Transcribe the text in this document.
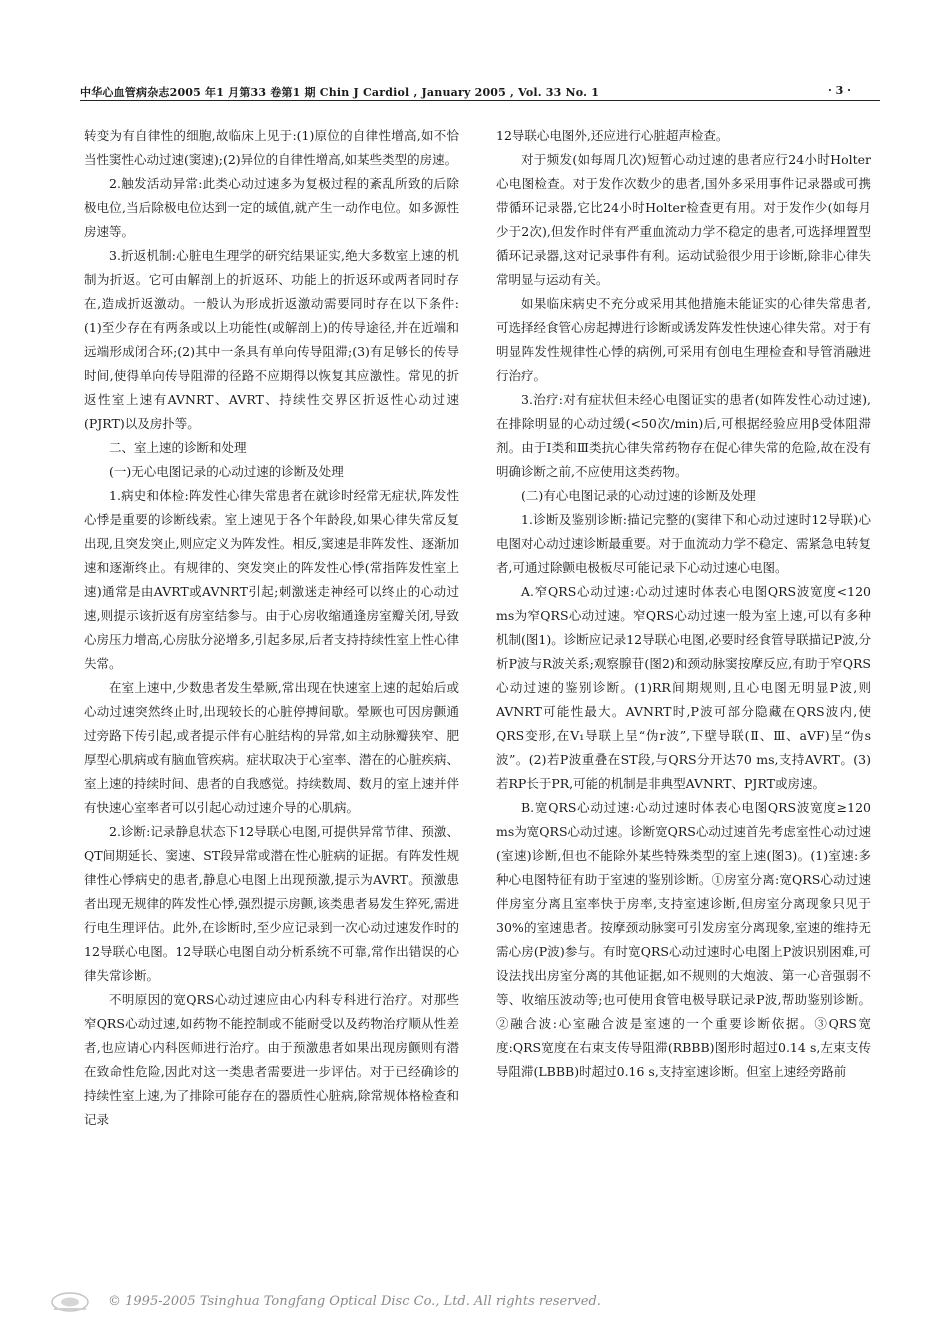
中华心血管病杂志2005 年1 月第33 卷第1 期 Chin J Cardiol , January 2005 , Vol. 33 No. 1	· 3 ·

转变为有自律性的细胞,故临床上见于:(1)原位的自律性增高,如不恰当性窦性心动过速(窦速);(2)异位的自律性增高,如某些类型的房速。

2.触发活动异常:此类心动过速多为复极过程的紊乱所致的后除极电位,当后除极电位达到一定的域值,就产生一动作电位。如多源性房速等。

3.折返机制:心脏电生理学的研究结果证实,绝大多数室上速的机制为折返。它可由解剖上的折返环、功能上的折返环或两者同时存在,造成折返激动。一般认为形成折返激动需要同时存在以下条件:(1)至少存在有两条或以上功能性(或解剖上)的传导途径,并在近端和远端形成闭合环;(2)其中一条具有单向传导阻滞;(3)有足够长的传导时间,使得单向传导阻滞的径路不应期得以恢复其应激性。常见的折返性室上速有AVNRT、AVRT、持续性交界区折返性心动过速(PJRT)以及房扑等。

二、室上速的诊断和处理
(一)无心电图记录的心动过速的诊断及处理

1.病史和体检:阵发性心律失常患者在就诊时经常无症状,阵发性心悸是重要的诊断线索。室上速见于各个年龄段,如果心律失常反复出现,且突发突止,则应定义为阵发性。相反,窦速是非阵发性、逐渐加速和逐渐终止。有规律的、突发突止的阵发性心悸(常指阵发性室上速)通常是由AVRT或AVNRT引起;刺激迷走神经可以终止的心动过速,则提示该折返有房室结参与。由于心房收缩通逢房室瓣关闭,导致心房压力增高,心房肽分泌增多,引起多尿,后者支持持续性室上性心律失常。

在室上速中,少数患者发生晕厥,常出现在快速室上速的起始后或心动过速突然终止时,出现较长的心脏停搏间歇。晕厥也可因房颤通过旁路下传引起,或者提示伴有心脏结构的异常,如主动脉瓣狭窄、肥厚型心肌病或有脑血管疾病。症状取决于心室率、潜在的心脏疾病、室上速的持续时间、患者的自我感觉。持续数周、数月的室上速并伴有快速心室率者可以引起心动过速介导的心肌病。

2.诊断:记录静息状态下12导联心电图,可提供异常节律、预激、QT间期延长、窦速、ST段异常或潜在性心脏病的证据。有阵发性规律性心悸病史的患者,静息心电图上出现预激,提示为AVRT。预激患者出现无规律的阵发性心悸,强烈提示房颤,该类患者易发生猝死,需进行电生理评估。此外,在诊断时,至少应记录到一次心动过速发作时的12导联心电图。12导联心电图自动分析系统不可靠,常作出错误的心律失常诊断。

不明原因的宽QRS心动过速应由心内科专科进行治疗。对那些窄QRS心动过速,如药物不能控制或不能耐受以及药物治疗顺从性差者,也应请心内科医师进行治疗。由于预激患者如果出现房颤则有潜在致命性危险,因此对这一类患者需要进一步评估。对于已经确诊的持续性室上速,为了排除可能存在的器质性心脏病,除常规体格检查和记录

12导联心电图外,还应进行心脏超声检查。

对于频发(如每周几次)短暂心动过速的患者应行24小时Holter心电图检查。对于发作次数少的患者,国外多采用事件记录器或可携带循环记录器,它比24小时Holter检查更有用。对于发作少(如每月少于2次),但发作时伴有严重血流动力学不稳定的患者,可选择埋置型循环记录器,这对记录事件有利。运动试验很少用于诊断,除非心律失常明显与运动有关。

如果临床病史不充分或采用其他措施未能证实的心律失常患者,可选择经食管心房起搏进行诊断或诱发阵发性快速心律失常。对于有明显阵发性规律性心悸的病例,可采用有创电生理检查和导管消融进行治疗。

3.治疗:对有症状但未经心电图证实的患者(如阵发性心动过速),在排除明显的心动过缓(<50次/min)后,可根据经验应用β受体阻滞剂。由于Ⅰ类和Ⅲ类抗心律失常药物存在促心律失常的危险,故在没有明确诊断之前,不应使用这类药物。

(二)有心电图记录的心动过速的诊断及处理

1.诊断及鉴别诊断:描记完整的(窦律下和心动过速时12导联)心电图对心动过速诊断最重要。对于血流动力学不稳定、需紧急电转复者,可通过除颤电极板尽可能记录下心动过速心电图。

A.窄QRS心动过速:心动过速时体表心电图QRS波宽度<120 ms为窄QRS心动过速。窄QRS心动过速一般为室上速,可以有多种机制(图1)。诊断应记录12导联心电图,必要时经食管导联描记P波,分析P波与R波关系;观察腺苷(图2)和颈动脉窦按摩反应,有助于窄QRS心动过速的鉴别诊断。(1)RR间期规则,且心电图无明显P波,则AVNRT可能性最大。AVNRT时,P波可部分隐藏在QRS波内,使QRS变形,在V₁导联上呈“伪r波”,下壁导联(Ⅱ、Ⅲ、aVF)呈“伪s波”。(2)若P波重叠在ST段,与QRS分开达70 ms,支持AVRT。(3)若RP长于PR,可能的机制是非典型AVNRT、PJRT或房速。

B.宽QRS心动过速:心动过速时体表心电图QRS波宽度≥120 ms为宽QRS心动过速。诊断宽QRS心动过速首先考虑室性心动过速(室速)诊断,但也不能除外某些特殊类型的室上速(图3)。(1)室速:多种心电图特征有助于室速的鉴别诊断。①房室分离:宽QRS心动过速伴房室分离且室率快于房率,支持室速诊断,但房室分离现象只见于30%的室速患者。按摩颈动脉窦可引发房室分离现象,室速的维持无需心房(P波)参与。有时宽QRS心动过速时心电图上P波识别困难,可设法找出房室分离的其他证据,如不规则的大炮波、第一心音强弱不等、收缩压波动等;也可使用食管电极导联记录P波,帮助鉴别诊断。②融合波:心室融合波是室速的一个重要诊断依据。③QRS宽度:QRS宽度在右束支传导阻滞(RBBB)图形时超过0.14 s,左束支传导阻滞(LBBB)时超过0.16 s,支持室速诊断。但室上速经旁路前

© 1995-2005 Tsinghua Tongfang Optical Disc Co., Ltd. All rights reserved.
